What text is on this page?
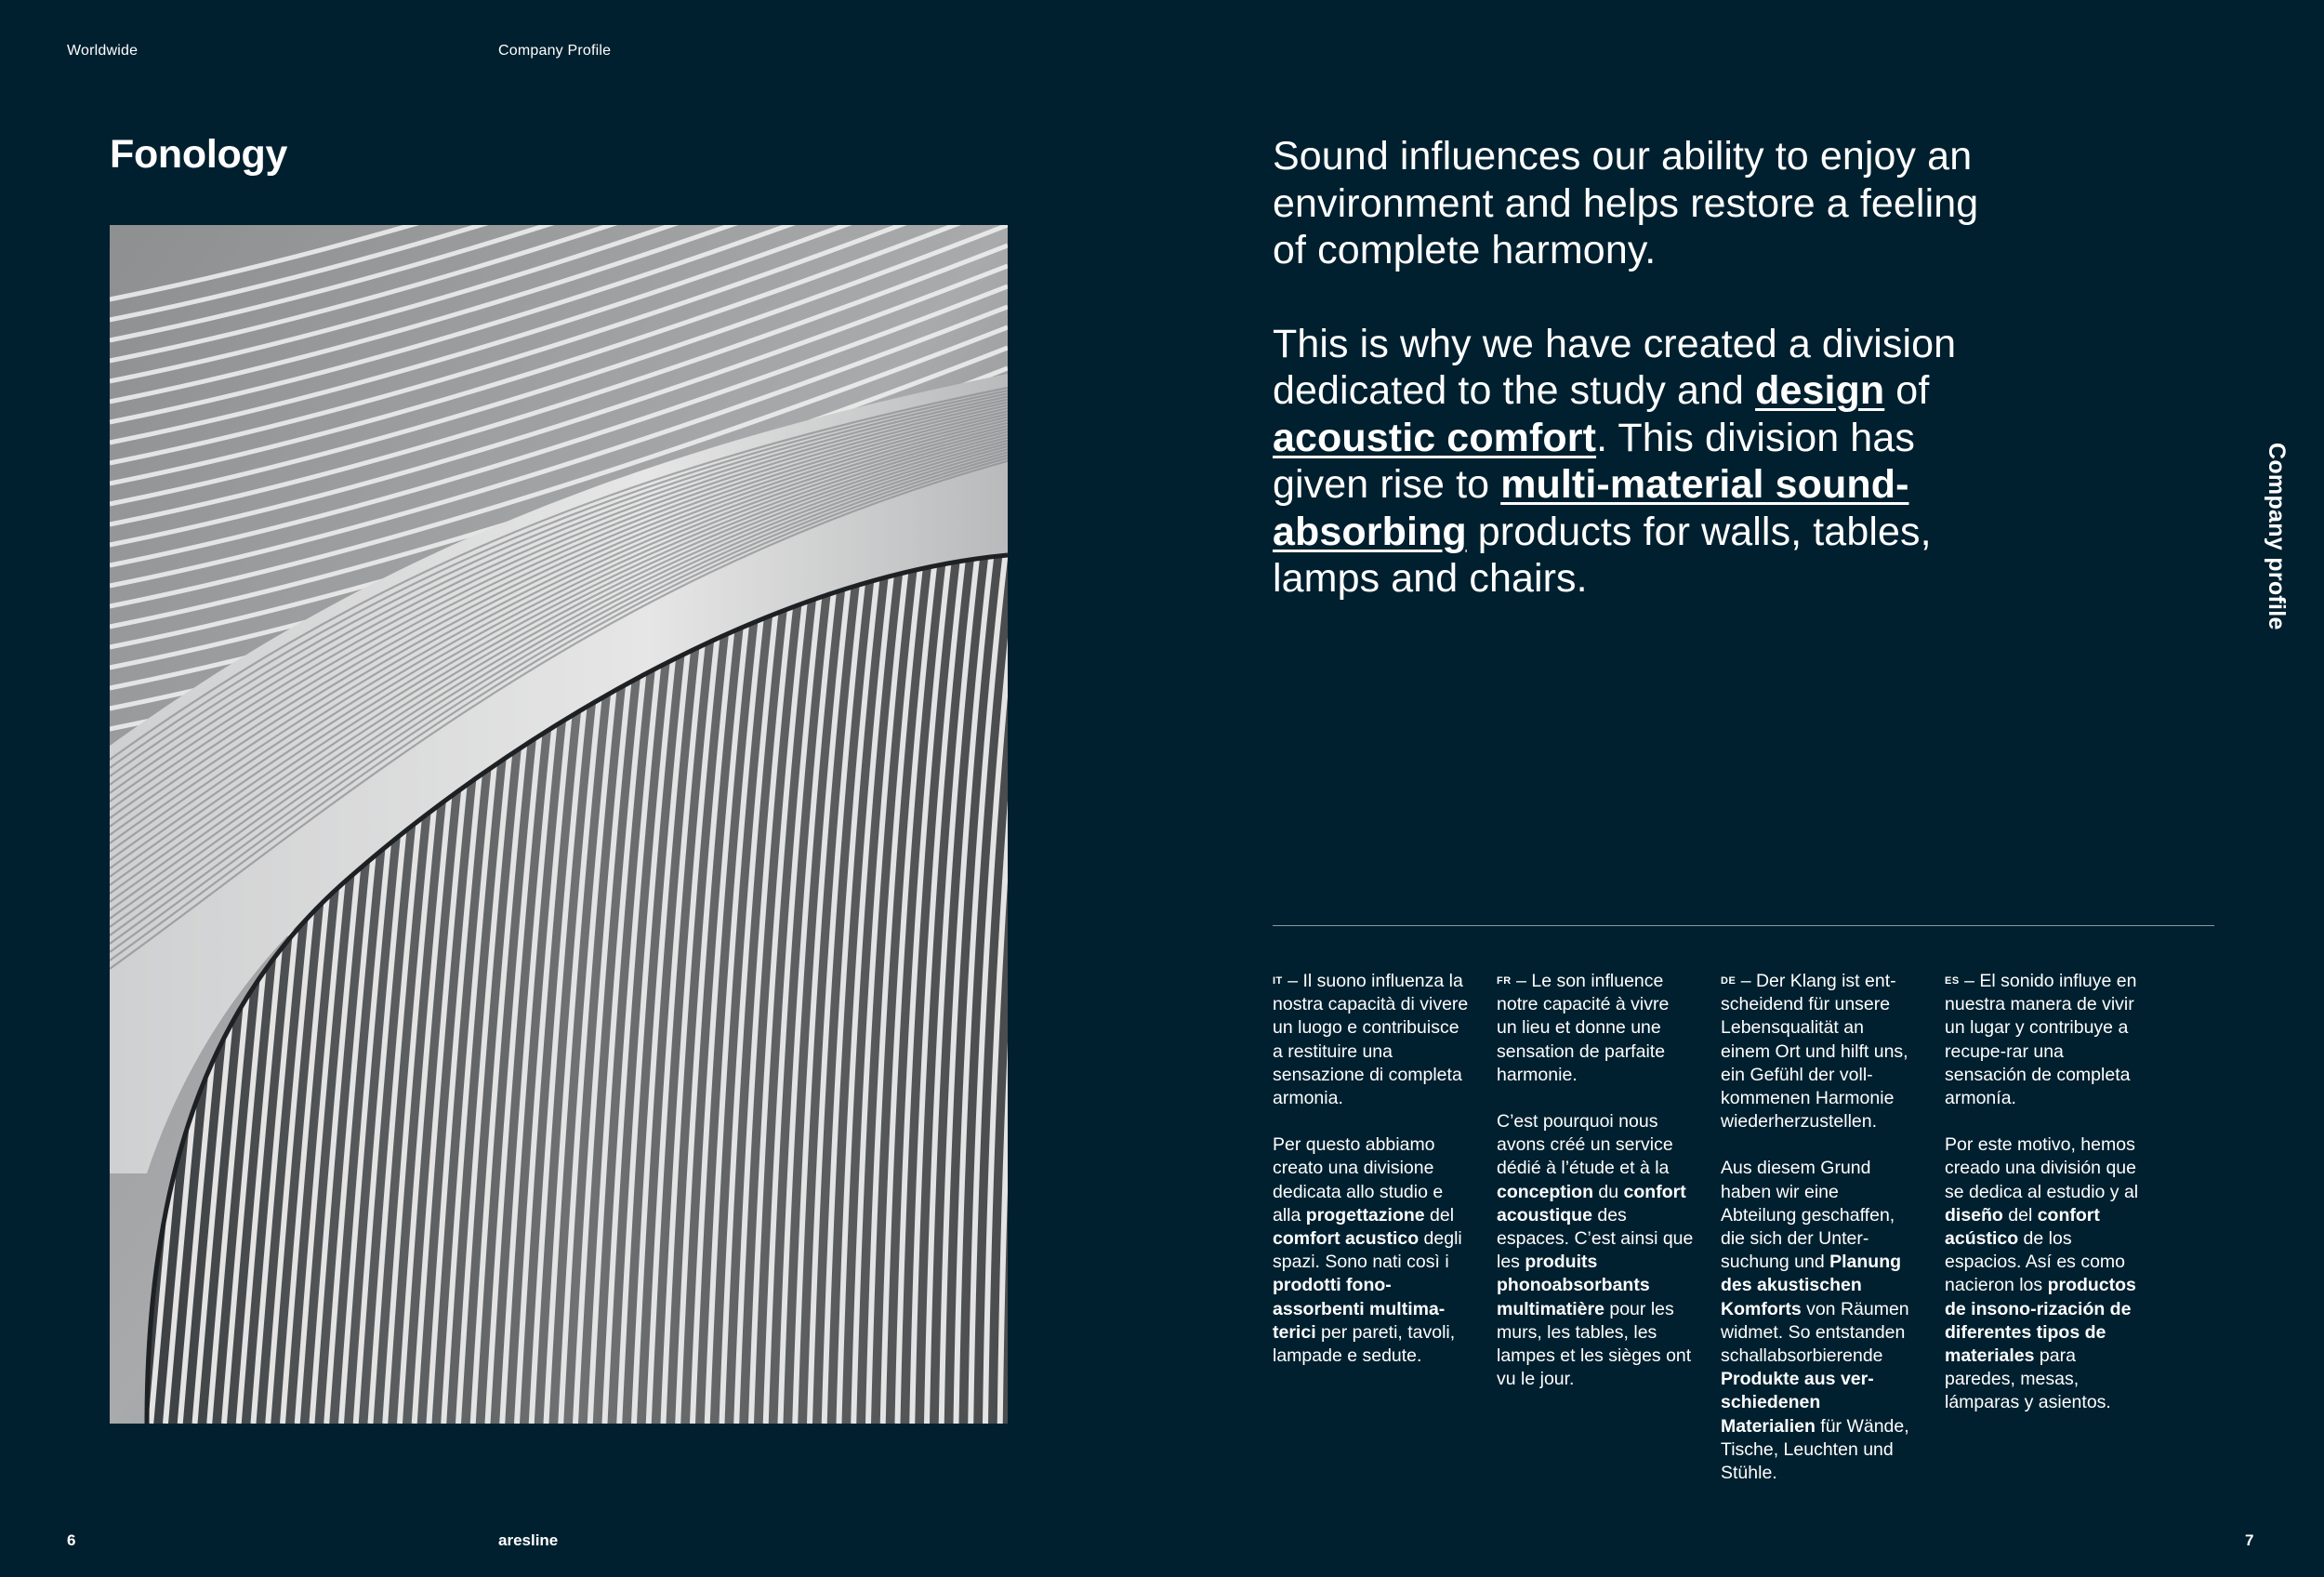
Worldwide	Company Profile
Fonology	Sound influences our ability to enjoy an environment and helps restore a feeling of complete harmony.

This is why we have created a division dedicated to the study and design of acoustic comfort. This division has given rise to multi-material sound-absorbing products for walls, tables, lamps and chairs.

IT – Il suono influenza la nostra capacità di vivere un luogo e contribuisce a restituire una sensazione di completa armonia.

Per questo abbiamo creato una divisione dedicata allo studio e alla progettazione del comfort acustico degli spazi. Sono nati così i prodotti fono-assorbenti multima-terici per pareti, tavoli, lampade e sedute.

FR – Le son influence notre capacité à vivre un lieu et donne une sensation de parfaite harmonie.

C’est pourquoi nous avons créé un service dédié à l’étude et à la conception du confort acoustique des espaces. C’est ainsi que les produits phonoabsorbants multimatière pour les murs, les tables, les lampes et les sièges ont vu le jour.

DE – Der Klang ist ent-scheidend für unsere Lebensqualität an einem Ort und hilft uns, ein Gefühl der voll-kommenen Harmonie wiederherzustellen.

Aus diesem Grund haben wir eine Abteilung geschaffen, die sich der Unter-suchung und Planung des akustischen Komforts von Räumen widmet. So entstanden schallabsorbierende Produkte aus ver-schiedenen Materialien für Wände, Tische, Leuchten und Stühle.

ES – El sonido influye en nuestra manera de vivir un lugar y contribuye a recupe-rar una sensación de completa armonía.

Por este motivo, hemos creado una división que se dedica al estudio y al diseño del confort acústico de los espacios. Así es como nacieron los productos de insono-rización de diferentes tipos de materiales para paredes, mesas, lámparas y asientos.

Company profile
6	aresline	7
